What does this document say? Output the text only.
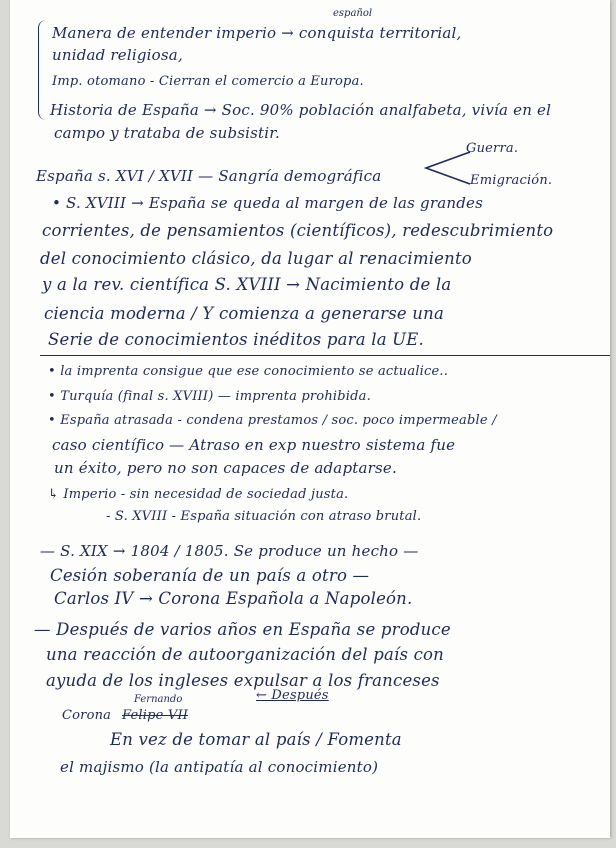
Manera de entender imperio → conquista territorial,
español
unidad religiosa,
Imp. otomano - Cierran el comercio a Europa.
Historia de España → Soc. 90% población analfabeta, vivía en el
campo y trataba de subsistir.
España s. XVI / XVII — Sangría demográfica
Guerra.
Emigración.
• S. XVIII → España se queda al margen de las grandes
corrientes, de pensamientos (científicos), redescubrimiento
del conocimiento clásico, da lugar al renacimiento
y a la rev. científica S. XVIII → Nacimiento de la
ciencia moderna / Y comienza a generarse una
Serie de conocimientos inéditos para la UE.
• la imprenta consigue que ese conocimiento se actualice..
• Turquía (final s. XVIII) — imprenta prohibida.
• España atrasada - condena prestamos / soc. poco impermeable /
caso científico — Atraso en exp nuestro sistema fue
un éxito, pero no son capaces de adaptarse.
↳ Imperio - sin necesidad de sociedad justa.
- S. XVIII - España situación con atraso brutal.
— S. XIX → 1804 / 1805. Se produce un hecho —
Cesión soberanía de un país a otro —
Carlos IV → Corona Española a Napoleón.
— Después de varios años en España se produce
una reacción de autoorganización del país con
ayuda de los ingleses expulsar a los franceses
Corona
Fernando
Felipe VII
← Después
En vez de tomar al país / Fomenta
el majismo (la antipatía al conocimiento)
